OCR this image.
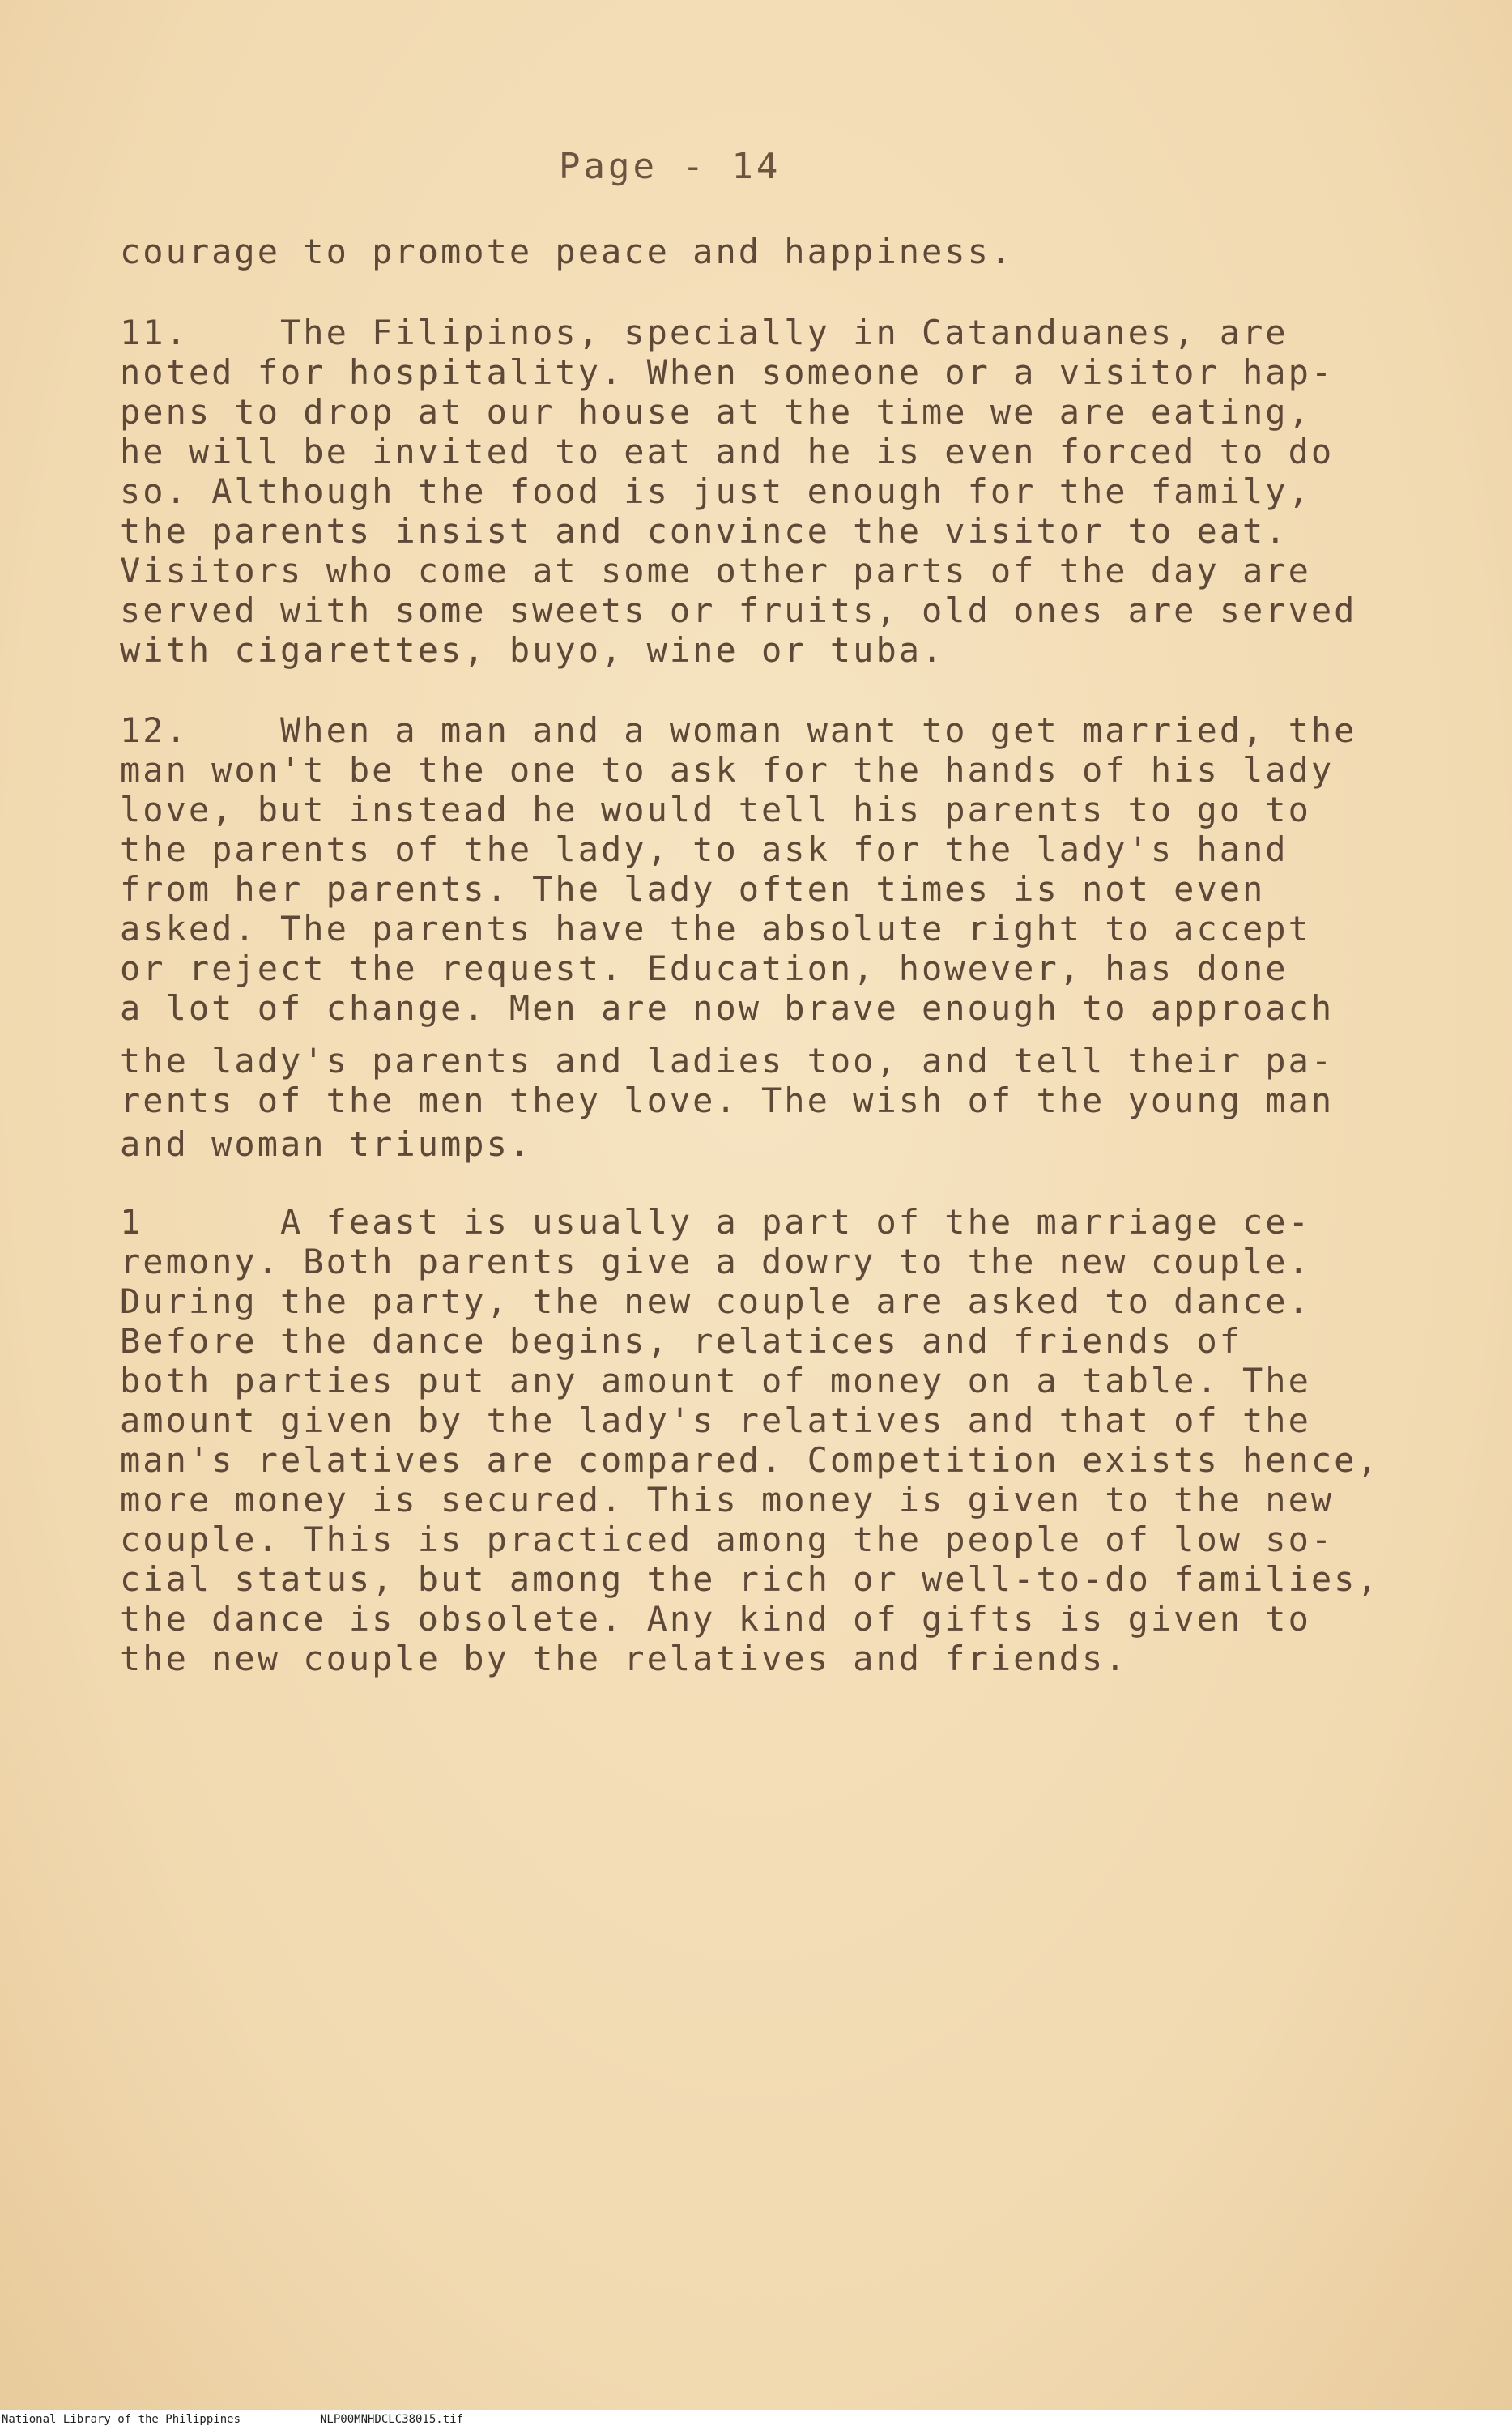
Page - 14
courage to promote peace and happiness.
11.    The Filipinos, specially in Catanduanes, are
noted for hospitality. When someone or a visitor hap-
pens to drop at our house at the time we are eating,
he will be invited to eat and he is even forced to do
so. Although the food is just enough for the family,
the parents insist and convince the visitor to eat.
Visitors who come at some other parts of the day are
served with some sweets or fruits, old ones are served
with cigarettes, buyo, wine or tuba.
12.    When a man and a woman want to get married, the
man won't be the one to ask for the hands of his lady
love, but instead he would tell his parents to go to
the parents of the lady, to ask for the lady's hand
from her parents. The lady often times is not even
asked. The parents have the absolute right to accept
or reject the request. Education, however, has done
a lot of change. Men are now brave enough to approach
the lady's parents and ladies too, and tell their pa-
rents of the men they love. The wish of the young man
and woman triumps.
1      A feast is usually a part of the marriage ce-
remony. Both parents give a dowry to the new couple.
During the party, the new couple are asked to dance.
Before the dance begins, relatices and friends of
both parties put any amount of money on a table. The
amount given by the lady's relatives and that of the
man's relatives are compared. Competition exists hence,
more money is secured. This money is given to the new
couple. This is practiced among the people of low so-
cial status, but among the rich or well-to-do families,
the dance is obsolete. Any kind of gifts is given to
the new couple by the relatives and friends.
National Library of the Philippines	NLP00MNHDCLC38015.tif
